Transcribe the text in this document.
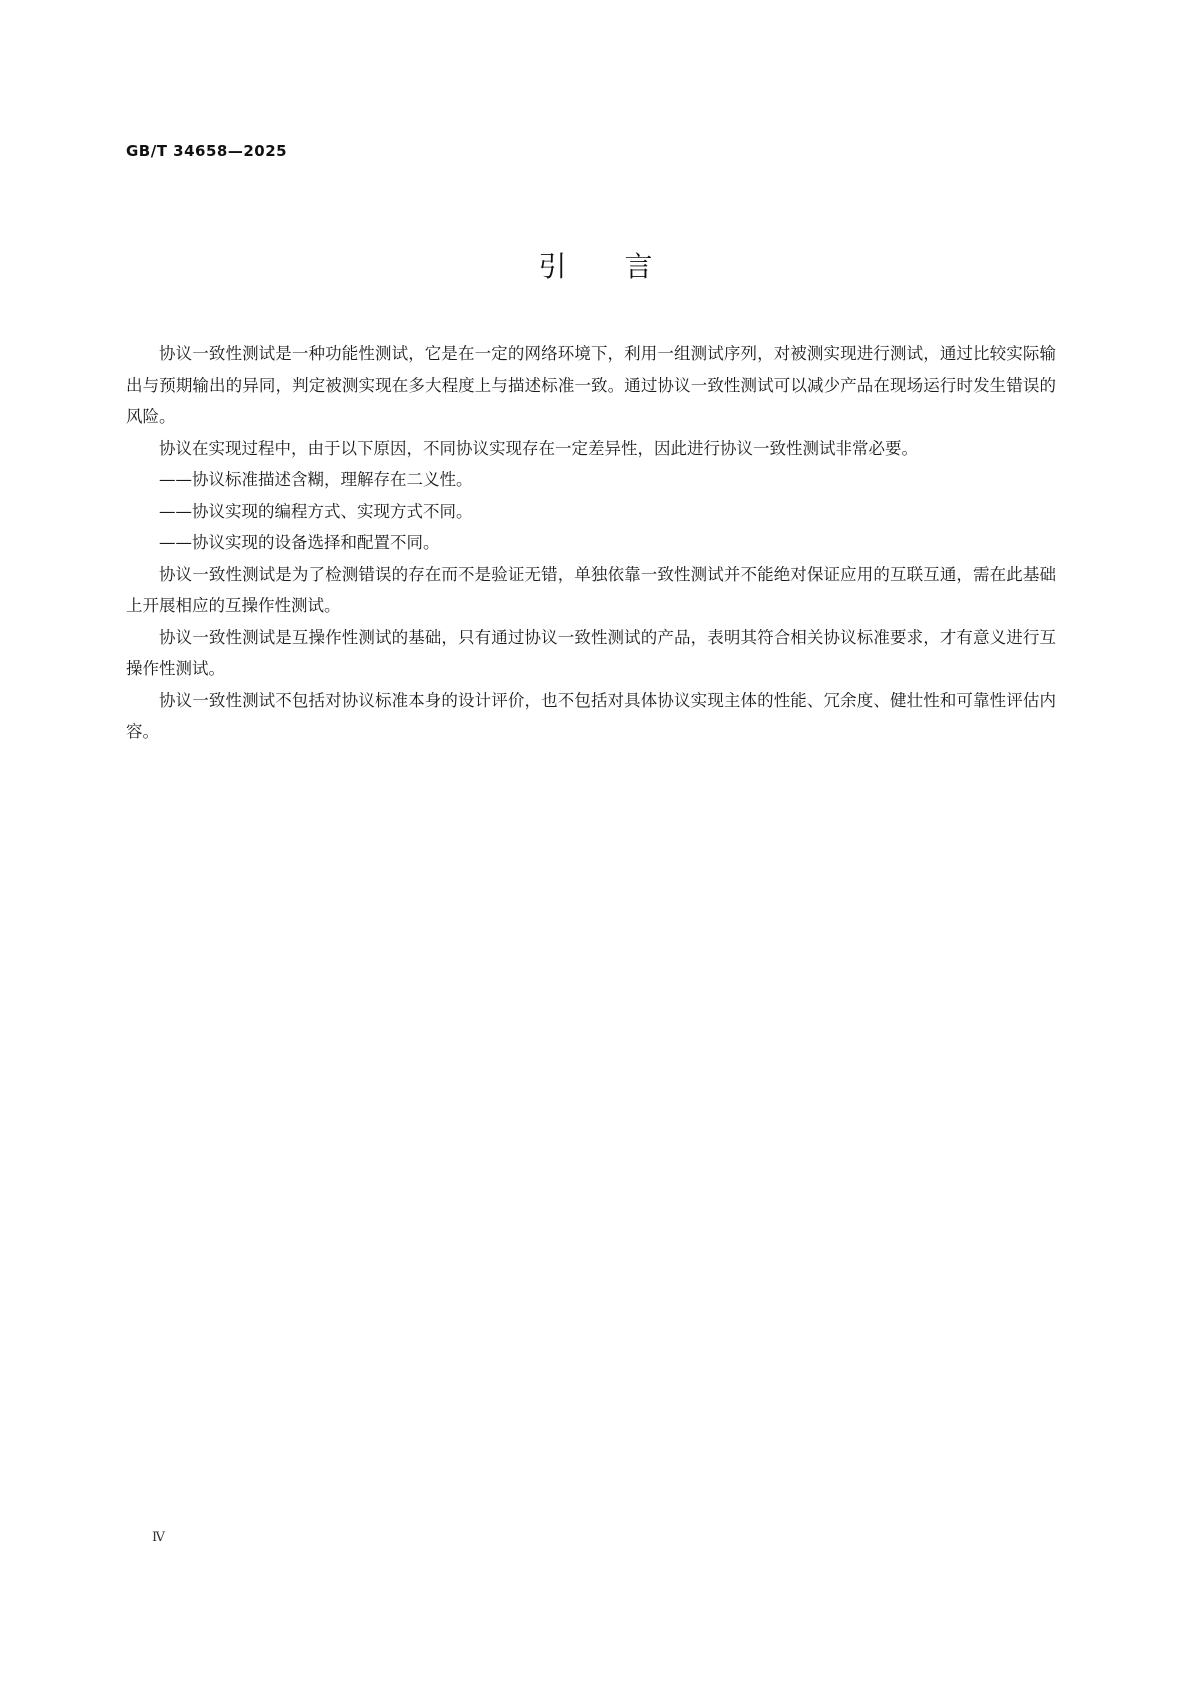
GB/T 34658—2025
引言

协议一致性测试是一种功能性测试，它是在一定的网络环境下，利用一组测试序列，对被测实现进行测试，通过比较实际输出与预期输出的异同，判定被测实现在多大程度上与描述标准一致。通过协议一致性测试可以减少产品在现场运行时发生错误的风险。

协议在实现过程中，由于以下原因，不同协议实现存在一定差异性，因此进行协议一致性测试非常必要。

——协议标准描述含糊，理解存在二义性。

——协议实现的编程方式、实现方式不同。

——协议实现的设备选择和配置不同。

协议一致性测试是为了检测错误的存在而不是验证无错，单独依靠一致性测试并不能绝对保证应用的互联互通，需在此基础上开展相应的互操作性测试。

协议一致性测试是互操作性测试的基础，只有通过协议一致性测试的产品，表明其符合相关协议标准要求，才有意义进行互操作性测试。

协议一致性测试不包括对协议标准本身的设计评价，也不包括对具体协议实现主体的性能、冗余度、健壮性和可靠性评估内容。

Ⅳ
